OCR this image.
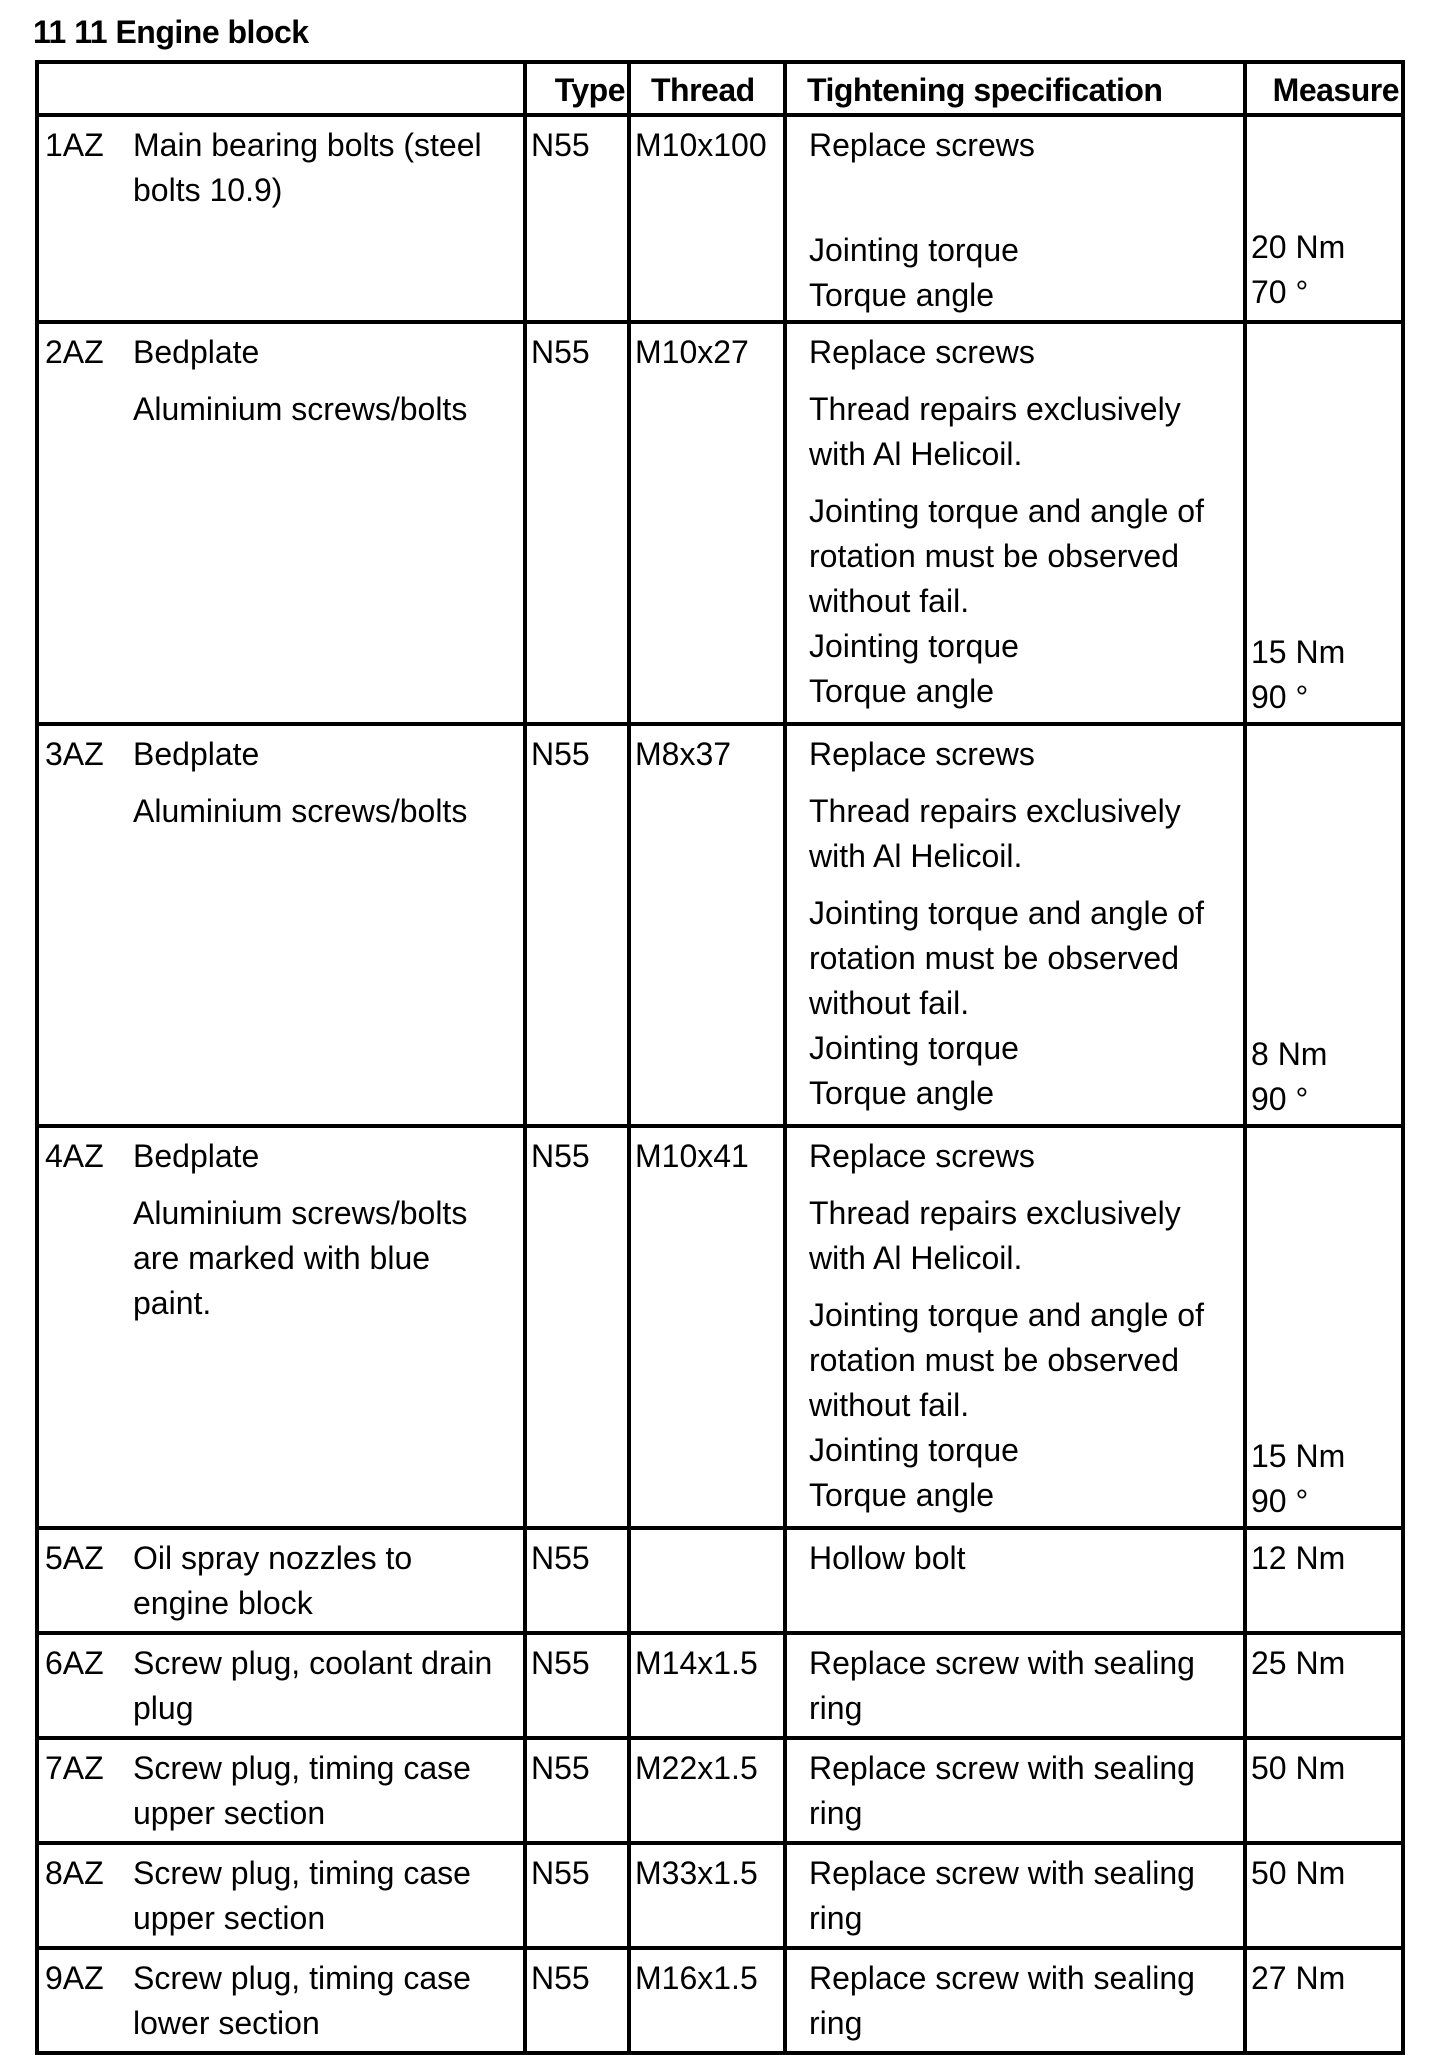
11 11 Engine block

	Type	Thread	Tightening specification	Measure

1AZ Main bearing bolts (steel bolts 10.9)	N55	M10x100	Replace screws
Jointing torque
Torque angle	20 Nm
70 °

2AZ Bedplate
Aluminium screws/bolts	N55	M10x27	Replace screws
Thread repairs exclusively with Al Helicoil.
Jointing torque and angle of rotation must be observed without fail.
Jointing torque
Torque angle	15 Nm
90 °

3AZ Bedplate
Aluminium screws/bolts	N55	M8x37	Replace screws
Thread repairs exclusively with Al Helicoil.
Jointing torque and angle of rotation must be observed without fail.
Jointing torque
Torque angle	8 Nm
90 °

4AZ Bedplate
Aluminium screws/bolts are marked with blue paint.	N55	M10x41	Replace screws
Thread repairs exclusively with Al Helicoil.
Jointing torque and angle of rotation must be observed without fail.
Jointing torque
Torque angle	15 Nm
90 °

5AZ Oil spray nozzles to engine block	N55		Hollow bolt	12 Nm

6AZ Screw plug, coolant drain plug	N55	M14x1.5	Replace screw with sealing ring	25 Nm

7AZ Screw plug, timing case upper section	N55	M22x1.5	Replace screw with sealing ring	50 Nm

8AZ Screw plug, timing case upper section	N55	M33x1.5	Replace screw with sealing ring	50 Nm

9AZ Screw plug, timing case lower section	N55	M16x1.5	Replace screw with sealing ring	27 Nm
